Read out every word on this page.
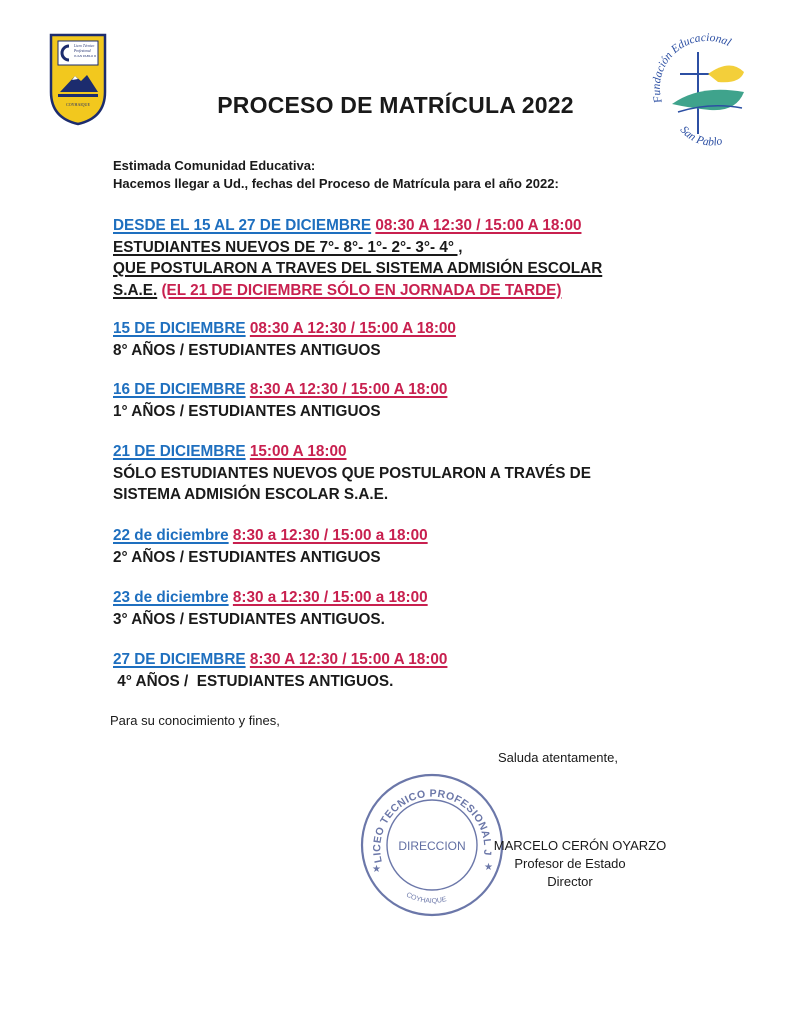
Liceo Técnico
Profesional
JUAN PABLO II
COYHAIQUE
Fundación Educacional
San Pablo
PROCESO DE MATRÍCULA 2022
Estimada Comunidad Educativa:
Hacemos llegar a Ud., fechas del Proceso de Matrícula para el año 2022:
DESDE EL 15 AL 27 DE DICIEMBRE 08:30 A 12:30 / 15:00 A 18:00
ESTUDIANTES NUEVOS DE 7°- 8°- 1°- 2°- 3°- 4° ,
QUE POSTULARON A TRAVES DEL SISTEMA ADMISIÓN ESCOLAR
S.A.E. (EL 21 DE DICIEMBRE SÓLO EN JORNADA DE TARDE)
15 DE DICIEMBRE 08:30 A 12:30 / 15:00 A 18:00
8° AÑOS / ESTUDIANTES ANTIGUOS
16 DE DICIEMBRE 8:30 A 12:30 / 15:00 A 18:00
1° AÑOS / ESTUDIANTES ANTIGUOS
21 DE DICIEMBRE 15:00 A 18:00
SÓLO ESTUDIANTES NUEVOS QUE POSTULARON A TRAVÉS DE
SISTEMA ADMISIÓN ESCOLAR S.A.E.
22 de diciembre 8:30 a 12:30 / 15:00 a 18:00
2° AÑOS / ESTUDIANTES ANTIGUOS
23 de diciembre 8:30 a 12:30 / 15:00 a 18:00
3° AÑOS / ESTUDIANTES ANTIGUOS.
27 DE DICIEMBRE 8:30 A 12:30 / 15:00 A 18:00
4° AÑOS /  ESTUDIANTES ANTIGUOS.
Para su conocimiento y fines,
Saluda atentamente,
LICEO TECNICO PROFESIONAL J
DIRECCION
COYHAIQUE
★	★
MARCELO CERÓN OYARZO
Profesor de Estado
Director
